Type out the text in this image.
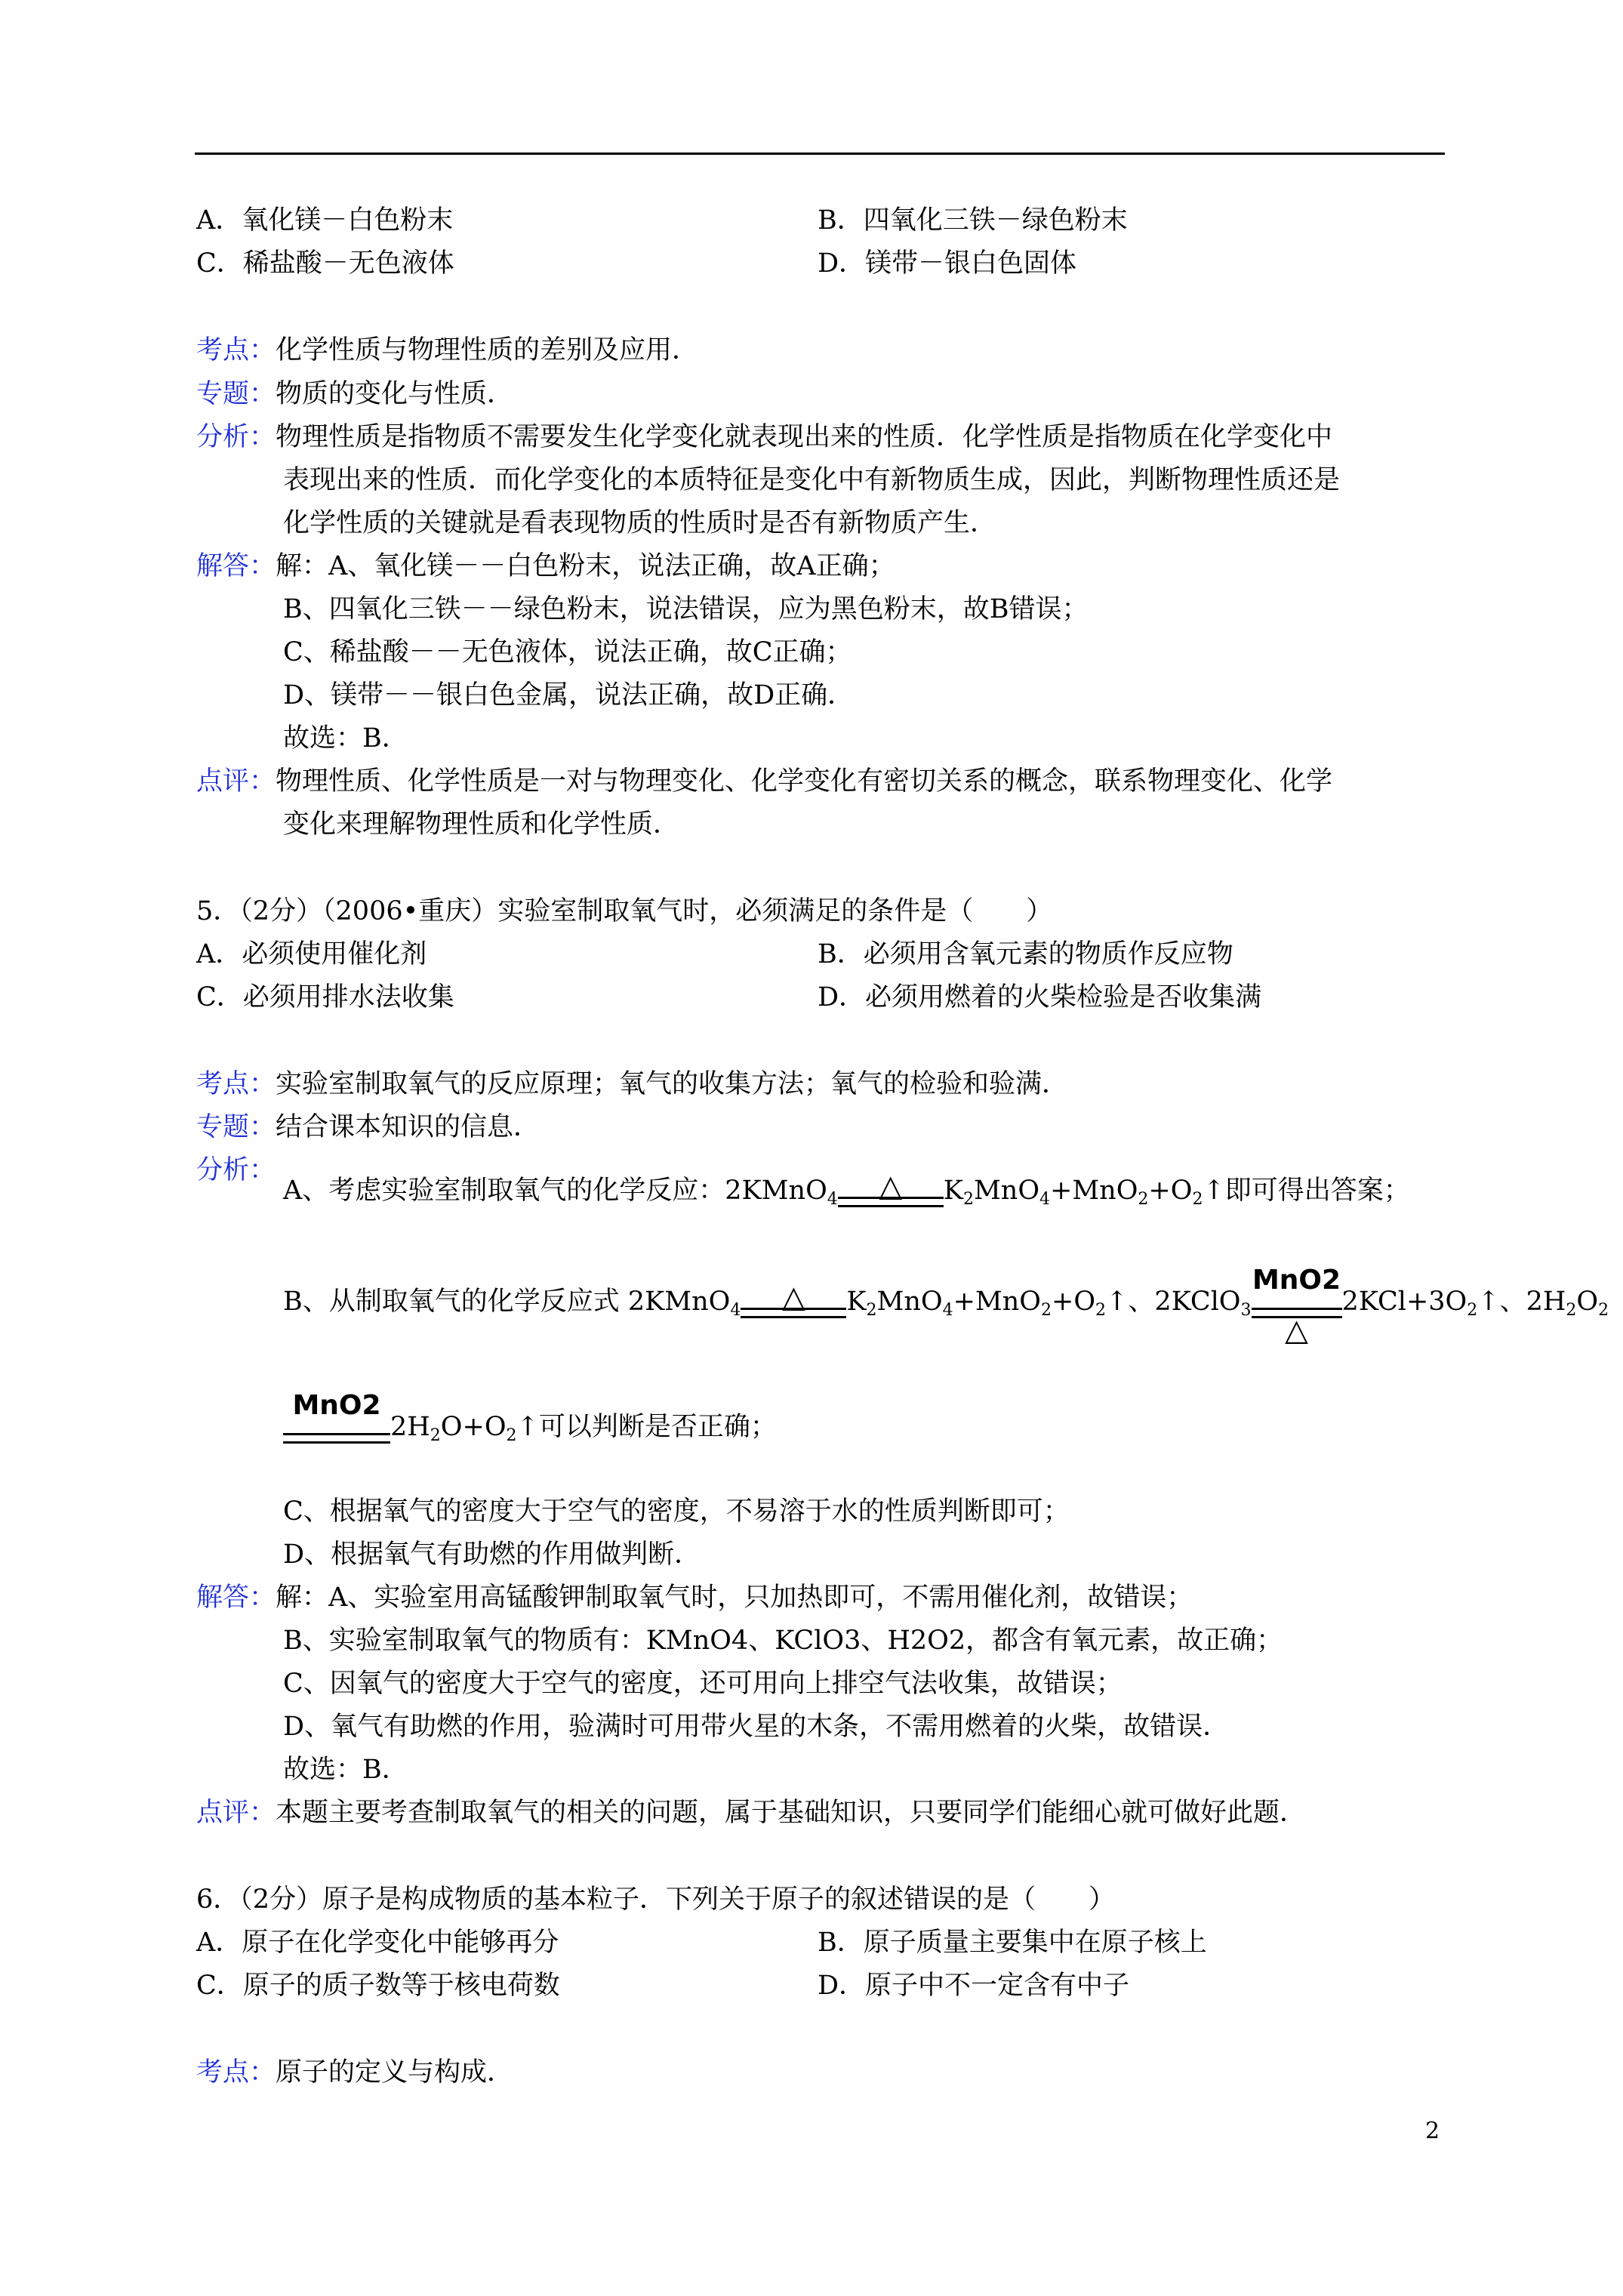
A．氧化镁－白色粉末	B．四氧化三铁－绿色粉末
C．稀盐酸－无色液体	D．镁带－银白色固体
考点：化学性质与物理性质的差别及应用．
专题：物质的变化与性质．
分析：物理性质是指物质不需要发生化学变化就表现出来的性质．化学性质是指物质在化学变化中
表现出来的性质．而化学变化的本质特征是变化中有新物质生成，因此，判断物理性质还是
化学性质的关键就是看表现物质的性质时是否有新物质产生．
解答：解：A、氧化镁－－白色粉末，说法正确，故A正确；
B、四氧化三铁－－绿色粉末，说法错误，应为黑色粉末，故B错误；
C、稀盐酸－－无色液体，说法正确，故C正确；
D、镁带－－银白色金属，说法正确，故D正确．
故选：B．
点评：物理性质、化学性质是一对与物理变化、化学变化有密切关系的概念，联系物理变化、化学
变化来理解物理性质和化学性质．
5．（2分）（2006•重庆）实验室制取氧气时，必须满足的条件是（　　）
A．必须使用催化剂	B．必须用含氧元素的物质作反应物
C．必须用排水法收集	D．必须用燃着的火柴检验是否收集满
考点：实验室制取氧气的反应原理；氧气的收集方法；氧气的检验和验满．
专题：结合课本知识的信息．
分析：
A、考虑实验室制取氧气的化学反应：2KMnO$_4$ △ $K_2MnO_4+MnO_2+O_2↑$即可得出答案；
B、从制取氧气的化学反应式 2KMnO$_4$ △ $K_2MnO_4+MnO_2+O_2↑$、2KClO$_3$
MnO2
△
$2KCl+3O_2↑$、$2H_2O_2$
MnO2
$2H_2O+O_2↑$可以判断是否正确；
C、根据氧气的密度大于空气的密度，不易溶于水的性质判断即可；
D、根据氧气有助燃的作用做判断．
解答：解：A、实验室用高锰酸钾制取氧气时，只加热即可，不需用催化剂，故错误；
B、实验室制取氧气的物质有：KMnO4、KClO3、H2O2，都含有氧元素，故正确；
C、因氧气的密度大于空气的密度，还可用向上排空气法收集，故错误；
D、氧气有助燃的作用，验满时可用带火星的木条，不需用燃着的火柴，故错误．
故选：B．
点评：本题主要考查制取氧气的相关的问题，属于基础知识，只要同学们能细心就可做好此题．
6．（2分）原子是构成物质的基本粒子．下列关于原子的叙述错误的是（　　）
A．原子在化学变化中能够再分	B．原子质量主要集中在原子核上
C．原子的质子数等于核电荷数	D．原子中不一定含有中子
考点：原子的定义与构成．
2
